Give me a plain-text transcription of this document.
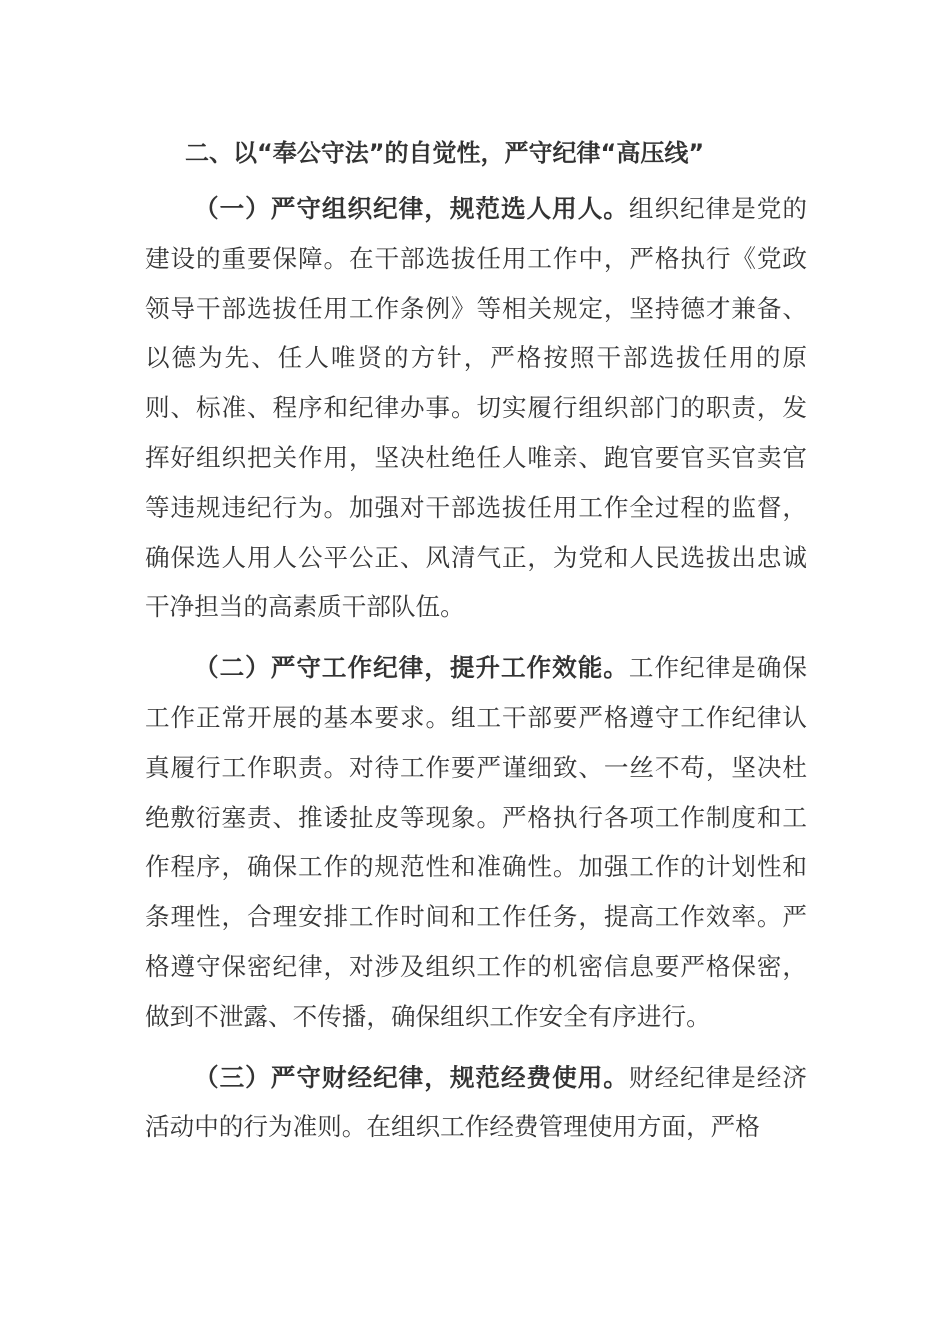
二、以“奉公守法”的自觉性，严守纪律“高压线”

（一）严守组织纪律，规范选人用人。组织纪律是党的建设的重要保障。在干部选拔任用工作中，严格执行《党政领导干部选拔任用工作条例》等相关规定，坚持德才兼备、以德为先、任人唯贤的方针，严格按照干部选拔任用的原则、标准、程序和纪律办事。切实履行组织部门的职责，发挥好组织把关作用，坚决杜绝任人唯亲、跑官要官买官卖官等违规违纪行为。加强对干部选拔任用工作全过程的监督，确保选人用人公平公正、风清气正，为党和人民选拔出忠诚干净担当的高素质干部队伍。

（二）严守工作纪律，提升工作效能。工作纪律是确保工作正常开展的基本要求。组工干部要严格遵守工作纪律认真履行工作职责。对待工作要严谨细致、一丝不苟，坚决杜绝敷衍塞责、推诿扯皮等现象。严格执行各项工作制度和工作程序，确保工作的规范性和准确性。加强工作的计划性和条理性，合理安排工作时间和工作任务，提高工作效率。严格遵守保密纪律，对涉及组织工作的机密信息要严格保密，做到不泄露、不传播，确保组织工作安全有序进行。

（三）严守财经纪律，规范经费使用。财经纪律是经济活动中的行为准则。在组织工作经费管理使用方面，严格
